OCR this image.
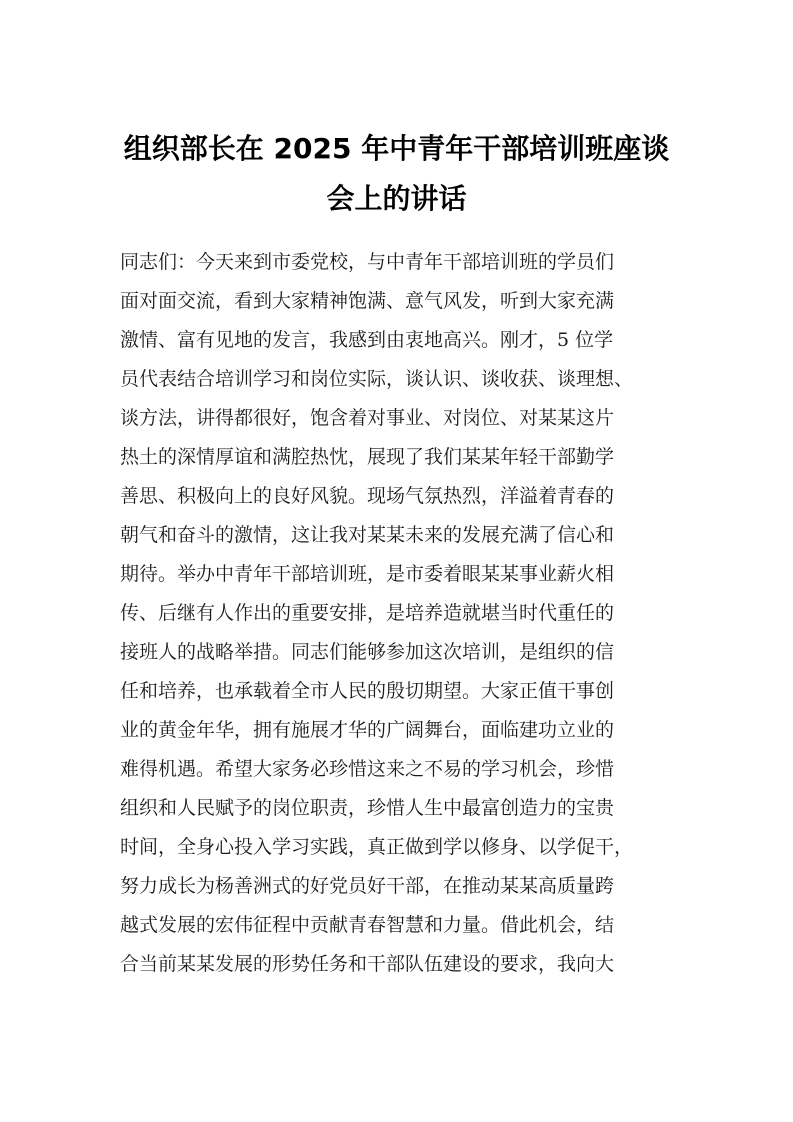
组织部长在 2025 年中青年干部培训班座谈
会上的讲话
同志们：今天来到市委党校，与中青年干部培训班的学员们
面对面交流，看到大家精神饱满、意气风发，听到大家充满
激情、富有见地的发言，我感到由衷地高兴。刚才，5 位学
员代表结合培训学习和岗位实际，谈认识、谈收获、谈理想、
谈方法，讲得都很好，饱含着对事业、对岗位、对某某这片
热土的深情厚谊和满腔热忱，展现了我们某某年轻干部勤学
善思、积极向上的良好风貌。现场气氛热烈，洋溢着青春的
朝气和奋斗的激情，这让我对某某未来的发展充满了信心和
期待。举办中青年干部培训班，是市委着眼某某事业薪火相
传、后继有人作出的重要安排，是培养造就堪当时代重任的
接班人的战略举措。同志们能够参加这次培训，是组织的信
任和培养，也承载着全市人民的殷切期望。大家正值干事创
业的黄金年华，拥有施展才华的广阔舞台，面临建功立业的
难得机遇。希望大家务必珍惜这来之不易的学习机会，珍惜
组织和人民赋予的岗位职责，珍惜人生中最富创造力的宝贵
时间，全身心投入学习实践，真正做到学以修身、以学促干，
努力成长为杨善洲式的好党员好干部，在推动某某高质量跨
越式发展的宏伟征程中贡献青春智慧和力量。借此机会，结
合当前某某发展的形势任务和干部队伍建设的要求，我向大
